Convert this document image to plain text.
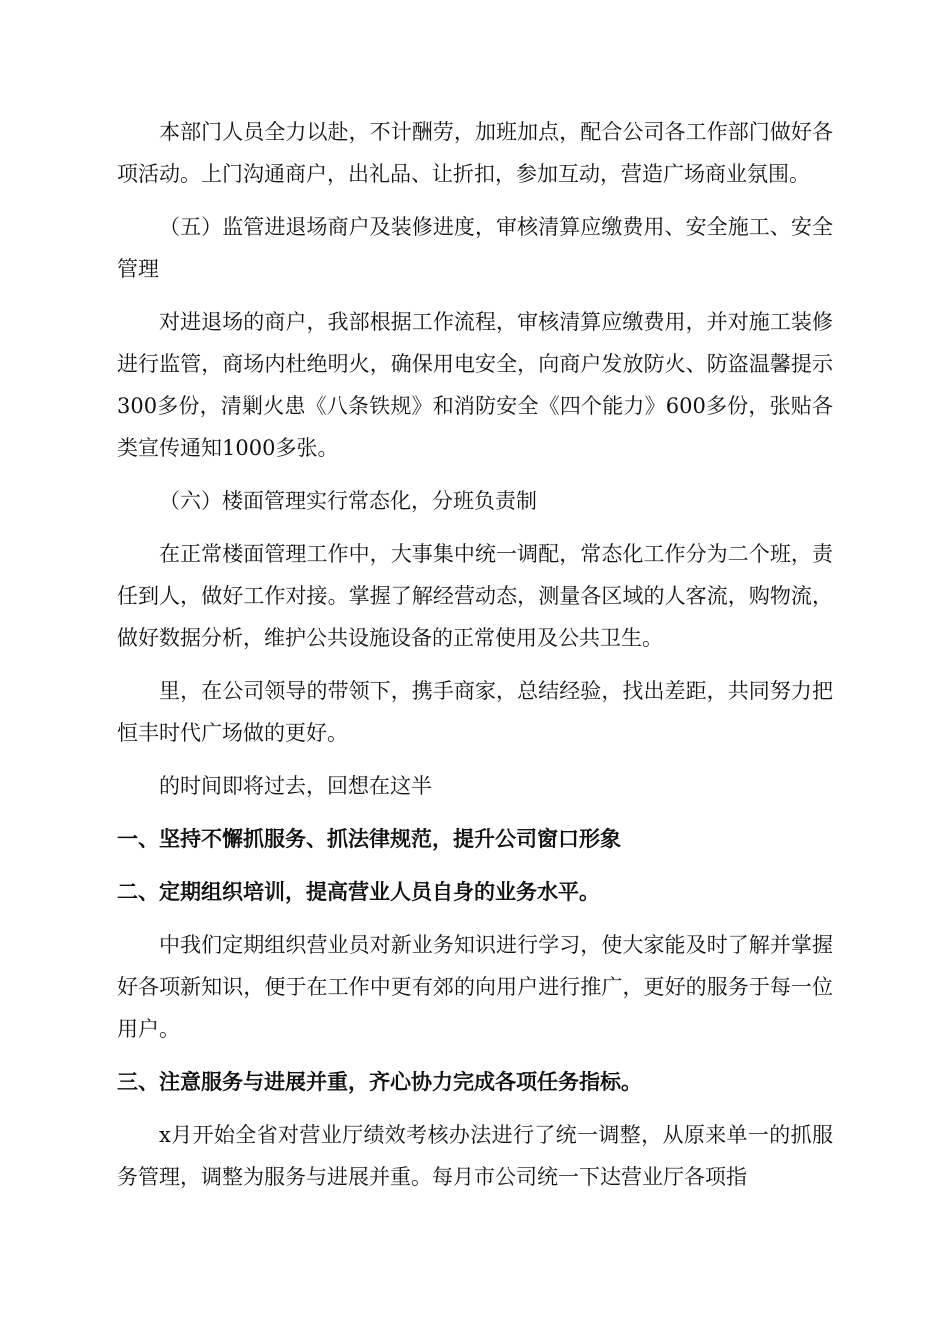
本部门人员全力以赴，不计酬劳，加班加点，配合公司各工作部门做好各项活动。上门沟通商户，出礼品、让折扣，参加互动，营造广场商业氛围。

（五）监管进退场商户及装修进度，审核清算应缴费用、安全施工、安全管理

对进退场的商户，我部根据工作流程，审核清算应缴费用，并对施工装修进行监管，商场内杜绝明火，确保用电安全，向商户发放防火、防盗温馨提示300多份，清剿火患《八条铁规》和消防安全《四个能力》600多份，张贴各类宣传通知1000多张。

（六）楼面管理实行常态化，分班负责制

在正常楼面管理工作中，大事集中统一调配，常态化工作分为二个班，责任到人，做好工作对接。掌握了解经营动态，测量各区域的人客流，购物流，做好数据分析，维护公共设施设备的正常使用及公共卫生。

里，在公司领导的带领下，携手商家，总结经验，找出差距，共同努力把恒丰时代广场做的更好。

的时间即将过去，回想在这半

一、坚持不懈抓服务、抓法律规范，提升公司窗口形象

二、定期组织培训，提高营业人员自身的业务水平。

中我们定期组织营业员对新业务知识进行学习，使大家能及时了解并掌握好各项新知识，便于在工作中更有郊的向用户进行推广，更好的服务于每一位用户。

三、注意服务与进展并重，齐心协力完成各项任务指标。

x月开始全省对营业厅绩效考核办法进行了统一调整，从原来单一的抓服务管理，调整为服务与进展并重。每月市公司统一下达营业厅各项指
